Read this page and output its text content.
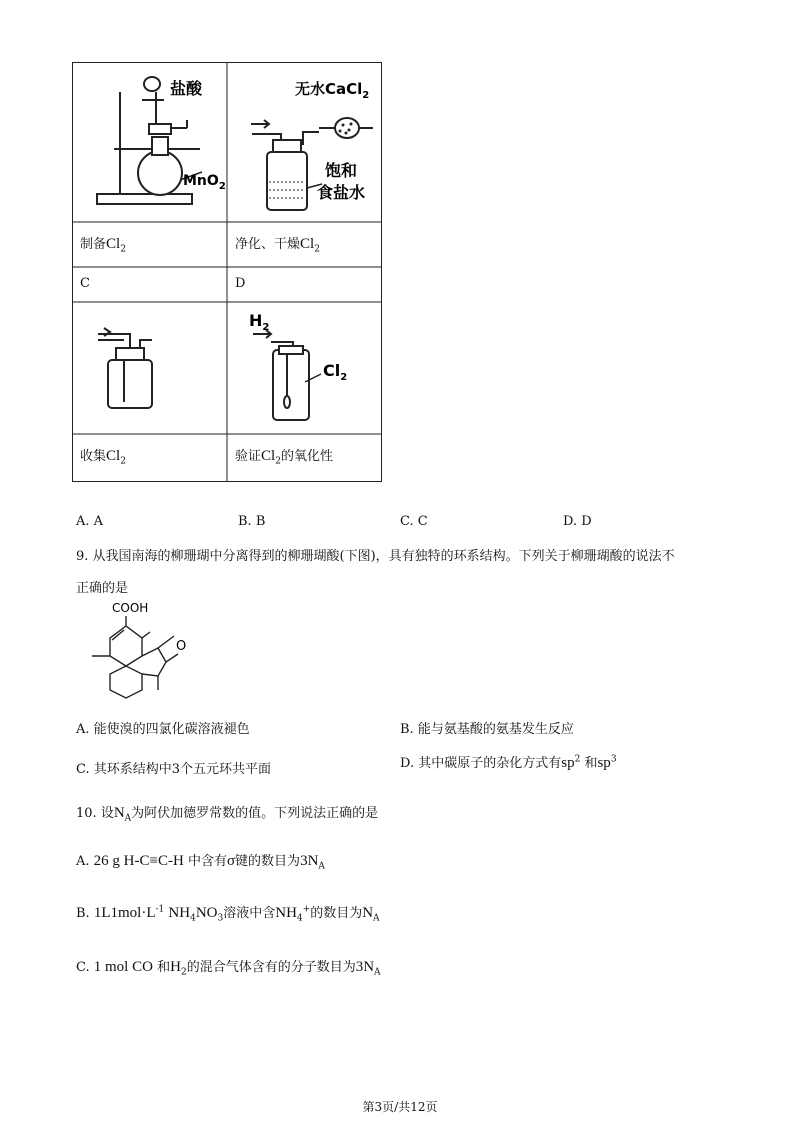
盐酸
MnO$_2$
无水CaCl$_2$
饱和
食盐水
制备$Cl_2$	净化、干燥$Cl_2$
C	D
$H_2$
$Cl_2$
收集$Cl_2$	验证$Cl_2$的氧化性
A. A	B. B	C. C	D. D
9. 从我国南海的柳珊瑚中分离得到的柳珊瑚酸(下图)，具有独特的环系结构。下列关于柳珊瑚酸的说法不
正确的是
COOH
O
A. 能使溴的四氯化碳溶液褪色	B. 能与氨基酸的氨基发生反应
C. 其环系结构中3个五元环共平面	D. 其中碳原子的杂化方式有$sp^2$ 和$sp^3$
10. 设$N_A$为阿伏加德罗常数的值。下列说法正确的是
A. 26 g H-C≡C-H 中含有σ键的数目为$3N_A$
B. $1L1mol\cdot L^{-1}$ $NH_4NO_3$溶液中含$NH_4^+$的数目为$N_A$
C. 1 mol CO 和$H_2$的混合气体含有的分子数目为$3N_A$
第3页/共12页
